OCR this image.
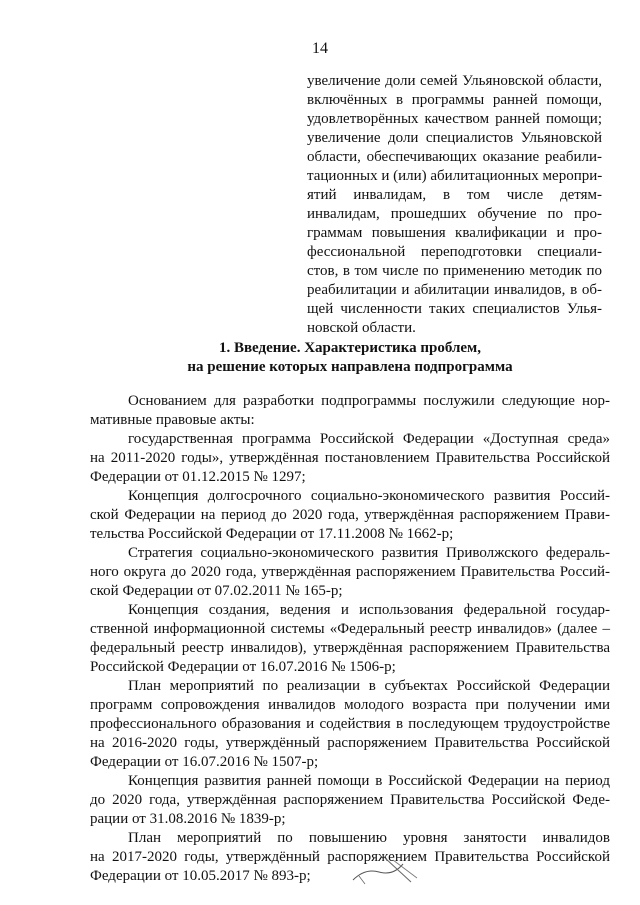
14
увеличение доли семей Ульяновской области,
включённых в программы ранней помощи,
удовлетворённых качеством ранней помощи;
увеличение доли специалистов Ульяновской
области, обеспечивающих оказание реабили-
тационных и (или) абилитационных меропри-
ятий инвалидам, в том числе детям-
инвалидам, прошедших обучение по про-
граммам повышения квалификации и про-
фессиональной переподготовки специали-
стов, в том числе по применению методик по
реабилитации и абилитации инвалидов, в об-
щей численности таких специалистов Улья-
новской области.
1. Введение. Характеристика проблем,
на решение которых направлена подпрограмма
Основанием для разработки подпрограммы послужили следующие нор-
мативные правовые акты:
государственная программа Российской Федерации «Доступная среда»
на 2011-2020 годы», утверждённая постановлением Правительства Российской
Федерации от 01.12.2015 № 1297;
Концепция долгосрочного социально-экономического развития Россий-
ской Федерации на период до 2020 года, утверждённая распоряжением Прави-
тельства Российской Федерации от 17.11.2008 № 1662-р;
Стратегия социально-экономического развития Приволжского федераль-
ного округа до 2020 года, утверждённая распоряжением Правительства Россий-
ской Федерации от 07.02.2011 № 165-р;
Концепция создания, ведения и использования федеральной государ-
ственной информационной системы «Федеральный реестр инвалидов» (далее –
федеральный реестр инвалидов), утверждённая распоряжением Правительства
Российской Федерации от 16.07.2016 № 1506-р;
План мероприятий по реализации в субъектах Российской Федерации
программ сопровождения инвалидов молодого возраста при получении ими
профессионального образования и содействия в последующем трудоустройстве
на 2016-2020 годы, утверждённый распоряжением Правительства Российской
Федерации от 16.07.2016 № 1507-р;
Концепция развития ранней помощи в Российской Федерации на период
до 2020 года, утверждённая распоряжением Правительства Российской Феде-
рации от 31.08.2016 № 1839-р;
План мероприятий по повышению уровня занятости инвалидов
на 2017-2020 годы, утверждённый распоряжением Правительства Российской
Федерации от 10.05.2017 № 893-р;
